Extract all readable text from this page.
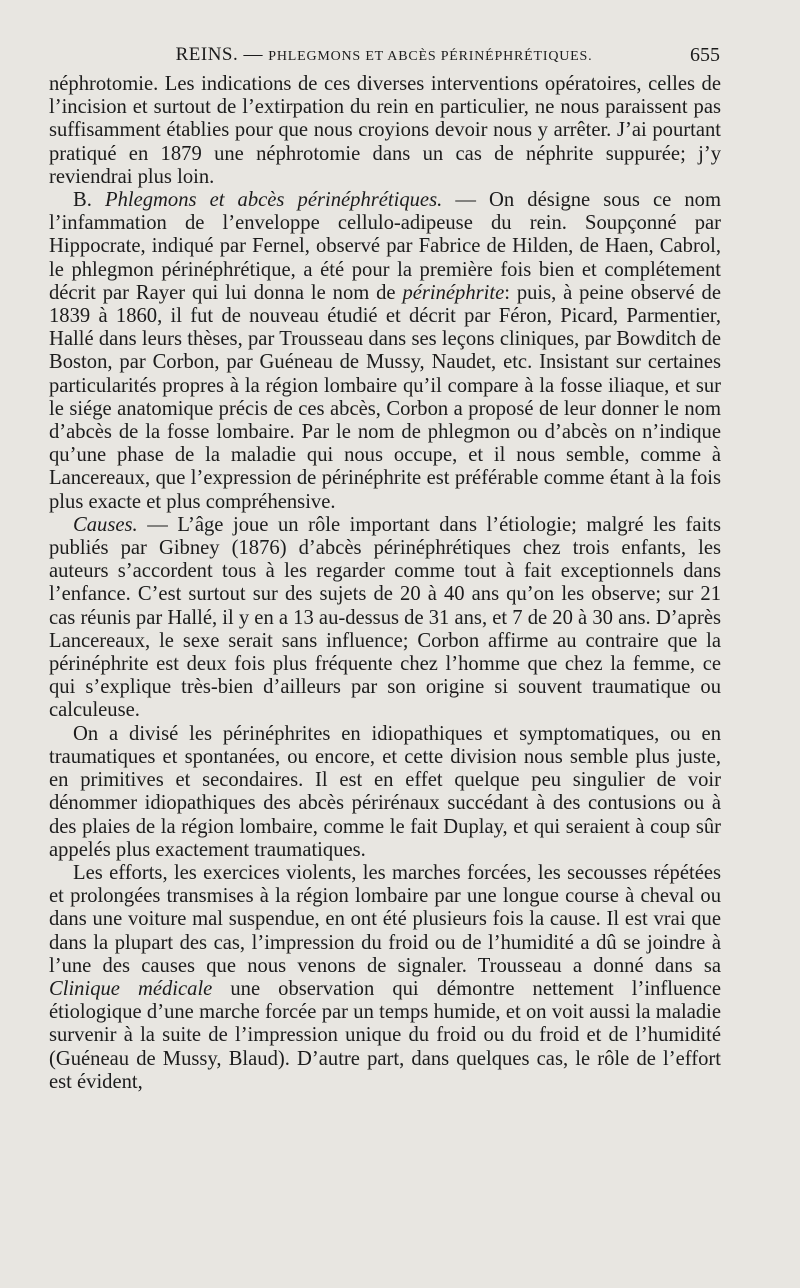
REINS. — PHLEGMONS ET ABCÈS PÉRINÉPHRÉTIQUES.	655

néphrotomie. Les indications de ces diverses interventions opératoires, celles de l’incision et surtout de l’extirpation du rein en particulier, ne nous paraissent pas suffisamment établies pour que nous croyions devoir nous y arrêter. J’ai pourtant pratiqué en 1879 une néphrotomie dans un cas de néphrite suppurée; j’y reviendrai plus loin.

B. Phlegmons et abcès périnéphrétiques. — On désigne sous ce nom l’infammation de l’enveloppe cellulo-adipeuse du rein. Soupçonné par Hippocrate, indiqué par Fernel, observé par Fabrice de Hilden, de Haen, Cabrol, le phlegmon périnéphrétique, a été pour la première fois bien et complétement décrit par Rayer qui lui donna le nom de périnéphrite: puis, à peine observé de 1839 à 1860, il fut de nouveau étudié et décrit par Féron, Picard, Parmentier, Hallé dans leurs thèses, par Trousseau dans ses leçons cliniques, par Bowditch de Boston, par Corbon, par Guéneau de Mussy, Naudet, etc. Insistant sur certaines particularités propres à la région lombaire qu’il compare à la fosse iliaque, et sur le siége anatomique précis de ces abcès, Corbon a proposé de leur donner le nom d’abcès de la fosse lombaire. Par le nom de phlegmon ou d’abcès on n’indique qu’une phase de la maladie qui nous occupe, et il nous semble, comme à Lancereaux, que l’expression de périnéphrite est préférable comme étant à la fois plus exacte et plus compréhensive.

Causes. — L’âge joue un rôle important dans l’étiologie; malgré les faits publiés par Gibney (1876) d’abcès périnéphrétiques chez trois enfants, les auteurs s’accordent tous à les regarder comme tout à fait exceptionnels dans l’enfance. C’est surtout sur des sujets de 20 à 40 ans qu’on les observe; sur 21 cas réunis par Hallé, il y en a 13 au-dessus de 31 ans, et 7 de 20 à 30 ans. D’après Lancereaux, le sexe serait sans influence; Corbon affirme au contraire que la périnéphrite est deux fois plus fréquente chez l’homme que chez la femme, ce qui s’explique très-bien d’ailleurs par son origine si souvent traumatique ou calculeuse.

On a divisé les périnéphrites en idiopathiques et symptomatiques, ou en traumatiques et spontanées, ou encore, et cette division nous semble plus juste, en primitives et secondaires. Il est en effet quelque peu singulier de voir dénommer idiopathiques des abcès périrénaux succédant à des contusions ou à des plaies de la région lombaire, comme le fait Duplay, et qui seraient à coup sûr appelés plus exactement traumatiques.

Les efforts, les exercices violents, les marches forcées, les secousses répétées et prolongées transmises à la région lombaire par une longue course à cheval ou dans une voiture mal suspendue, en ont été plusieurs fois la cause. Il est vrai que dans la plupart des cas, l’impression du froid ou de l’humidité a dû se joindre à l’une des causes que nous venons de signaler. Trousseau a donné dans sa Clinique médicale une observation qui démontre nettement l’influence étiologique d’une marche forcée par un temps humide, et on voit aussi la maladie survenir à la suite de l’impression unique du froid ou du froid et de l’humidité (Guéneau de Mussy, Blaud). D’autre part, dans quelques cas, le rôle de l’effort est évident,
